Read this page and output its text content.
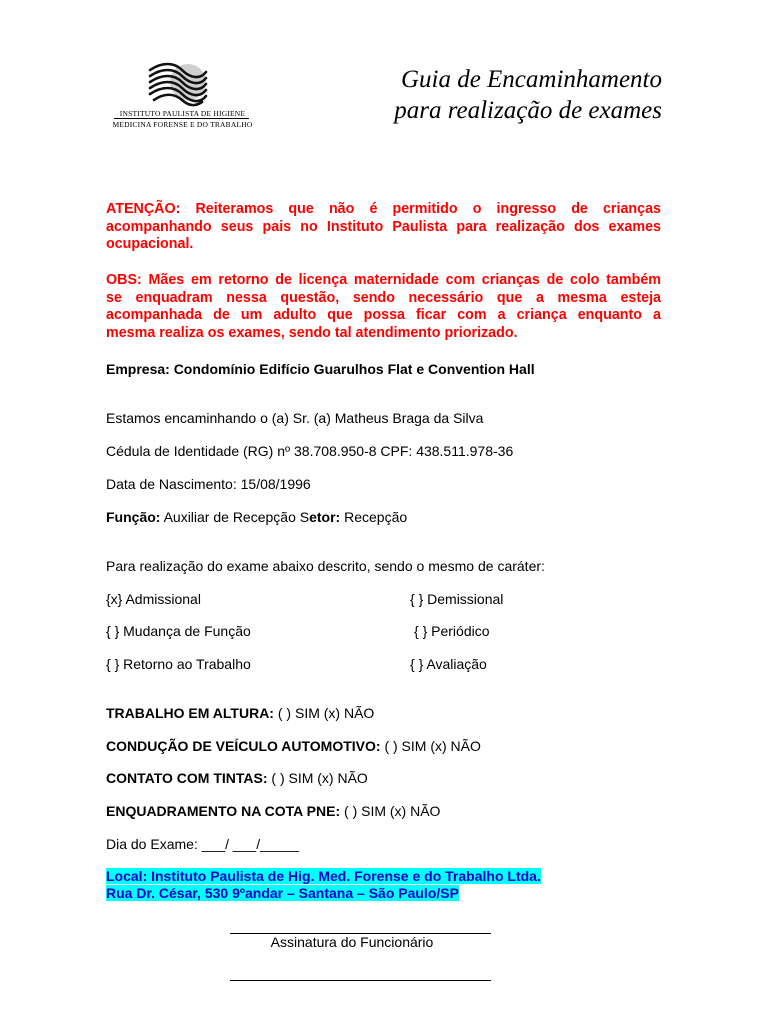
INSTITUTO PAULISTA DE HIGIENE
MEDICINA FORENSE E DO TRABALHO
Guia de Encaminhamento
para realização de exames
ATENÇÃO: Reiteramos que não é permitido o ingresso de crianças
acompanhando seus pais no Instituto Paulista para realização dos exames
ocupacional.
OBS: Mães em retorno de licença maternidade com crianças de colo também
se enquadram nessa questão, sendo necessário que a mesma esteja
acompanhada de um adulto que possa ficar com a criança enquanto a
mesma realiza os exames, sendo tal atendimento priorizado.
Empresa: Condomínio Edifício Guarulhos Flat e Convention Hall
Estamos encaminhando o (a) Sr. (a) Matheus Braga da Silva
Cédula de Identidade (RG) nº 38.708.950-8 CPF: 438.511.978-36
Data de Nascimento: 15/08/1996
Função: Auxiliar de Recepção Setor: Recepção
Para realização do exame abaixo descrito, sendo o mesmo de caráter:
{x} Admissional	{ } Demissional
{ } Mudança de Função	{ } Periódico
{ } Retorno ao Trabalho	{ } Avaliação
TRABALHO EM ALTURA: ( ) SIM (x) NÃO
CONDUÇÃO DE VEÍCULO AUTOMOTIVO: ( ) SIM (x) NÃO
CONTATO COM TINTAS: ( ) SIM (x) NÃO
ENQUADRAMENTO NA COTA PNE: ( ) SIM (x) NÃO
Dia do Exame: ___/ ___/_____
Local: Instituto Paulista de Hig. Med. Forense e do Trabalho Ltda.
Rua Dr. César, 530 9ºandar – Santana – São Paulo/SP
Assinatura do Funcionário
